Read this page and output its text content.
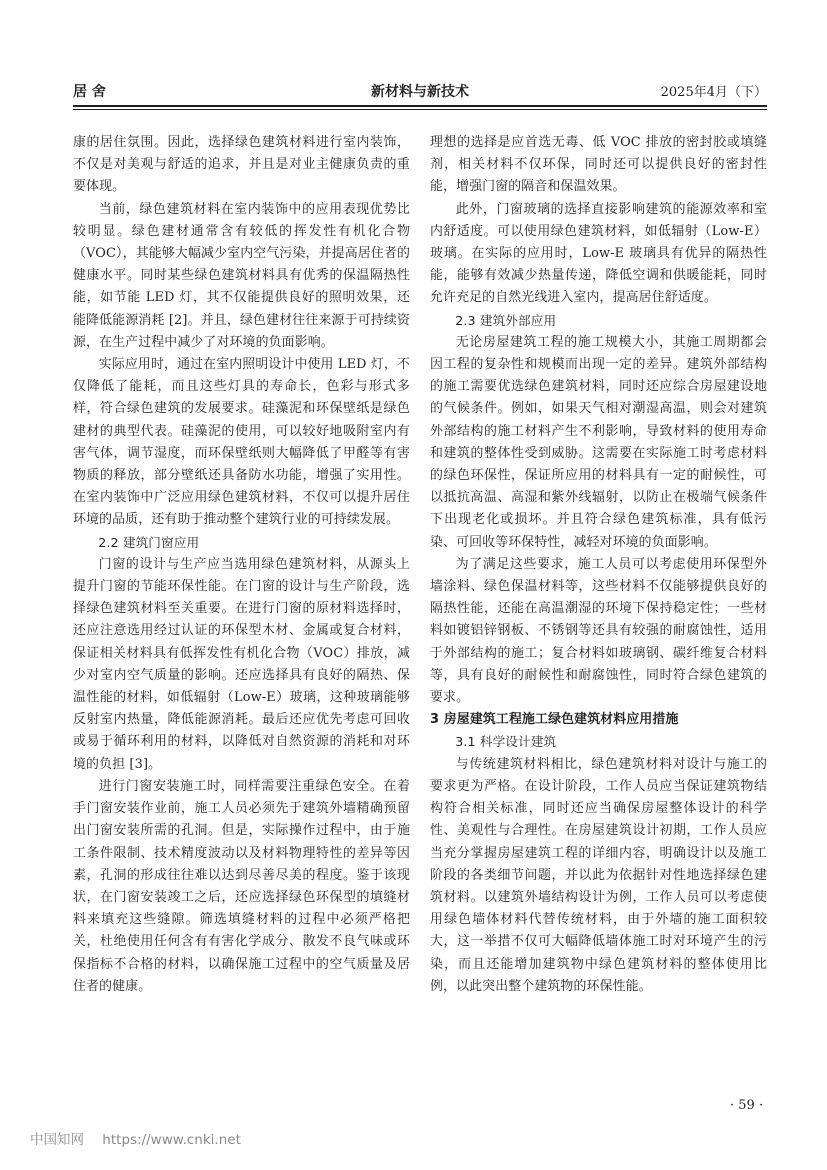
居 舍	新材料与新技术	2025年4月（下）
康的居住氛围。因此，选择绿色建筑材料进行室内装饰，不仅是对美观与舒适的追求，并且是对业主健康负责的重要体现。
当前，绿色建筑材料在室内装饰中的应用表现优势比较明显。绿色建材通常含有较低的挥发性有机化合物（VOC），其能够大幅减少室内空气污染，并提高居住者的健康水平。同时某些绿色建筑材料具有优秀的保温隔热性能，如节能 LED 灯，其不仅能提供良好的照明效果，还能降低能源消耗 [2]。并且，绿色建材往往来源于可持续资源，在生产过程中减少了对环境的负面影响。
实际应用时，通过在室内照明设计中使用 LED 灯，不仅降低了能耗，而且这些灯具的寿命长，色彩与形式多样，符合绿色建筑的发展要求。硅藻泥和环保壁纸是绿色建材的典型代表。硅藻泥的使用，可以较好地吸附室内有害气体，调节湿度，而环保壁纸则大幅降低了甲醛等有害物质的释放，部分壁纸还具备防水功能，增强了实用性。在室内装饰中广泛应用绿色建筑材料，不仅可以提升居住环境的品质，还有助于推动整个建筑行业的可持续发展。
2.2 建筑门窗应用
门窗的设计与生产应当选用绿色建筑材料，从源头上提升门窗的节能环保性能。在门窗的设计与生产阶段，选择绿色建筑材料至关重要。在进行门窗的原材料选择时，还应注意选用经过认证的环保型木材、金属或复合材料，保证相关材料具有低挥发性有机化合物（VOC）排放，减少对室内空气质量的影响。还应选择具有良好的隔热、保温性能的材料，如低辐射（Low-E）玻璃，这种玻璃能够反射室内热量，降低能源消耗。最后还应优先考虑可回收或易于循环利用的材料，以降低对自然资源的消耗和对环境的负担 [3]。
进行门窗安装施工时，同样需要注重绿色安全。在着手门窗安装作业前，施工人员必须先于建筑外墙精确预留出门窗安装所需的孔洞。但是，实际操作过程中，由于施工条件限制、技术精度波动以及材料物理特性的差异等因素，孔洞的形成往往难以达到尽善尽美的程度。鉴于该现状，在门窗安装竣工之后，还应选择绿色环保型的填缝材料来填充这些缝隙。筛选填缝材料的过程中必须严格把关，杜绝使用任何含有有害化学成分、散发不良气味或环保指标不合格的材料，以确保施工过程中的空气质量及居住者的健康。
理想的选择是应首选无毒、低 VOC 排放的密封胶或填缝剂，相关材料不仅环保，同时还可以提供良好的密封性能，增强门窗的隔音和保温效果。
此外，门窗玻璃的选择直接影响建筑的能源效率和室内舒适度。可以使用绿色建筑材料，如低辐射（Low-E）玻璃。在实际的应用时，Low-E 玻璃具有优异的隔热性能，能够有效减少热量传递，降低空调和供暖能耗，同时允许充足的自然光线进入室内，提高居住舒适度。
2.3 建筑外部应用
无论房屋建筑工程的施工规模大小，其施工周期都会因工程的复杂性和规模而出现一定的差异。建筑外部结构的施工需要优选绿色建筑材料，同时还应综合房屋建设地的气候条件。例如，如果天气相对潮湿高温，则会对建筑外部结构的施工材料产生不利影响，导致材料的使用寿命和建筑的整体性受到威胁。这需要在实际施工时考虑材料的绿色环保性，保证所应用的材料具有一定的耐候性，可以抵抗高温、高湿和紫外线辐射，以防止在极端气候条件下出现老化或损坏。并且符合绿色建筑标准，具有低污染、可回收等环保特性，减轻对环境的负面影响。
为了满足这些要求，施工人员可以考虑使用环保型外墙涂料、绿色保温材料等，这些材料不仅能够提供良好的隔热性能，还能在高温潮湿的环境下保持稳定性；一些材料如镀铝锌钢板、不锈钢等还具有较强的耐腐蚀性，适用于外部结构的施工；复合材料如玻璃钢、碳纤维复合材料等，具有良好的耐候性和耐腐蚀性，同时符合绿色建筑的要求。
3 房屋建筑工程施工绿色建筑材料应用措施
3.1 科学设计建筑
与传统建筑材料相比，绿色建筑材料对设计与施工的要求更为严格。在设计阶段，工作人员应当保证建筑物结构符合相关标准，同时还应当确保房屋整体设计的科学性、美观性与合理性。在房屋建筑设计初期，工作人员应当充分掌握房屋建筑工程的详细内容，明确设计以及施工阶段的各类细节问题，并以此为依据针对性地选择绿色建筑材料。以建筑外墙结构设计为例，工作人员可以考虑使用绿色墙体材料代替传统材料，由于外墙的施工面积较大，这一举措不仅可大幅降低墙体施工时对环境产生的污染，而且还能增加建筑物中绿色建筑材料的整体使用比例，以此突出整个建筑物的环保性能。
· 59 ·
中国知网 https://www.cnki.net
